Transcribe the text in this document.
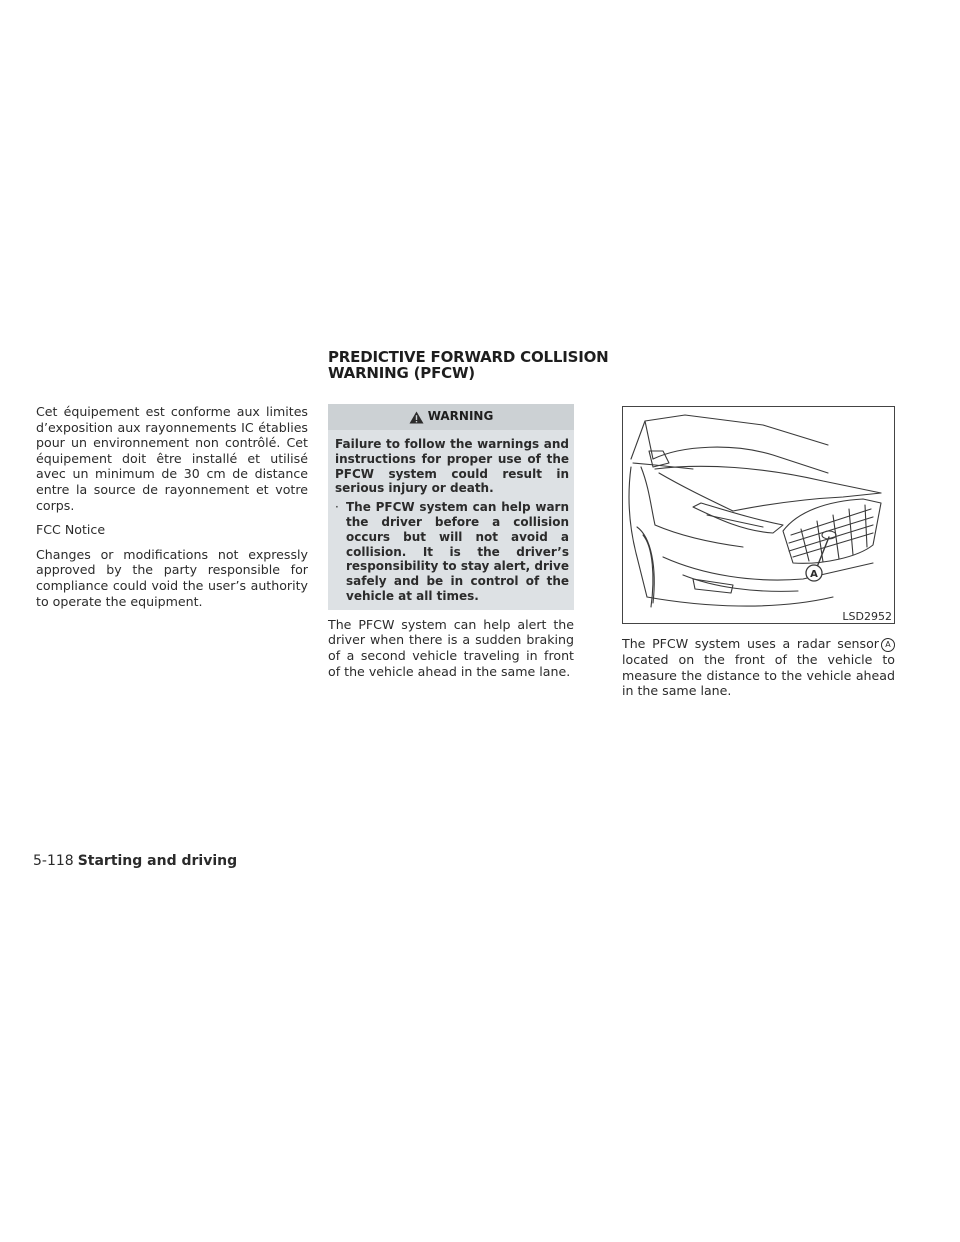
Cet équipement est conforme aux limites d’exposition aux rayonnements IC établies pour un environnement non contrôlé. Cet équipement doit être installé et utilisé avec un minimum de 30 cm de distance entre la source de rayonnement et votre corps.

FCC Notice

Changes or modifications not expressly approved by the party responsible for compliance could void the user’s authority to operate the equipment.

PREDICTIVE FORWARD COLLISION WARNING (PFCW)
WARNING

Failure to follow the warnings and instructions for proper use of the PFCW system could result in serious injury or death.

· The PFCW system can help warn the driver before a collision occurs but will not avoid a collision. It is the driver’s responsibility to stay alert, drive safely and be in control of the vehicle at all times.

The PFCW system can help alert the driver when there is a sudden braking of a second vehicle traveling in front of the vehicle ahead in the same lane.

A
LSD2952

The PFCW system uses a radar sensor A located on the front of the vehicle to measure the distance to the vehicle ahead in the same lane.

5-118 Starting and driving
